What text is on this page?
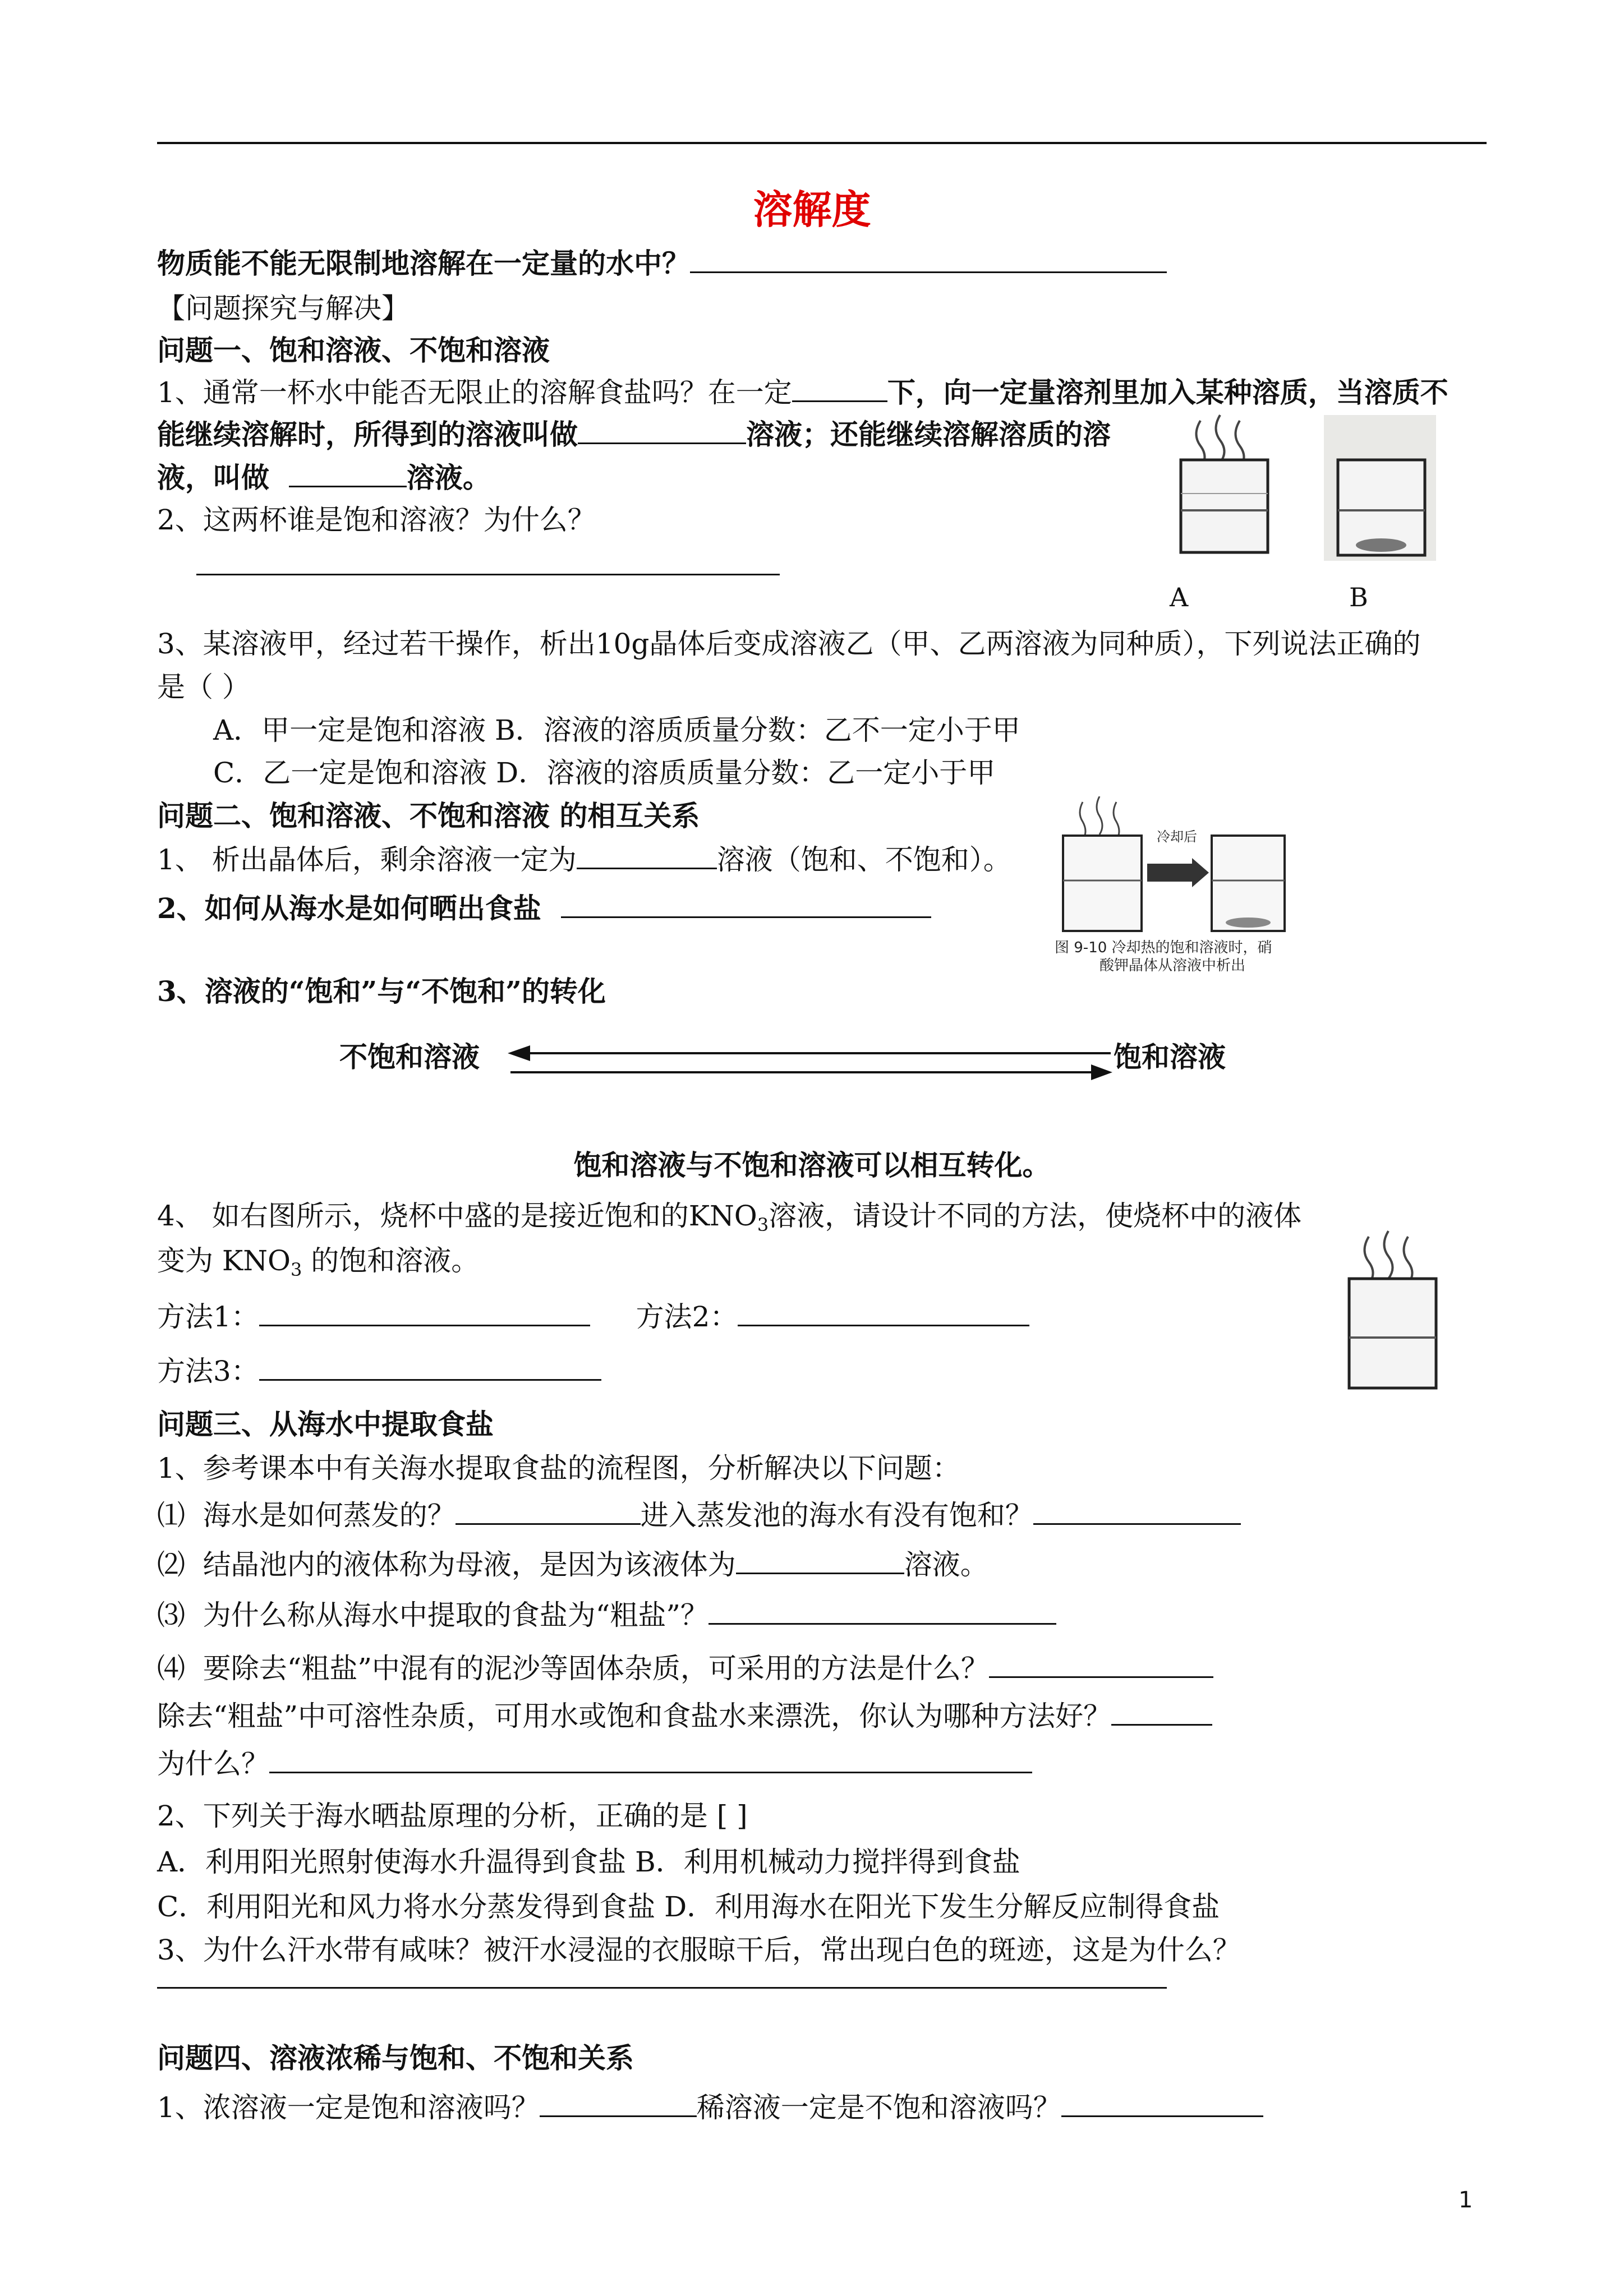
溶解度
物质能不能无限制地溶解在一定量的水中？
【问题探究与解决】
问题一、饱和溶液、不饱和溶液
1、通常一杯水中能否无限止的溶解食盐吗？在一定	下，向一定量溶剂里加入某种溶质，当溶质不
能继续溶解时，所得到的溶液叫做	溶液；还能继续溶解溶质的溶
液，叫做	溶液。
2、这两杯谁是饱和溶液？为什么？
A	B
3、某溶液甲，经过若干操作，析出10g晶体后变成溶液乙（甲、乙两溶液为同种质），下列说法正确的
是（ ）
A．甲一定是饱和溶液 B．溶液的溶质质量分数：乙不一定小于甲
C．乙一定是饱和溶液 D．溶液的溶质质量分数：乙一定小于甲
问题二、饱和溶液、不饱和溶液 的相互关系
1、 析出晶体后，剩余溶液一定为	溶液（饱和、不饱和）。
2、如何从海水是如何晒出食盐
冷却后
图 9-10 冷却热的饱和溶液时，硝
酸钾晶体从溶液中析出
3、溶液的“饱和”与“不饱和”的转化
不饱和溶液	饱和溶液
饱和溶液与不饱和溶液可以相互转化。
4、 如右图所示，烧杯中盛的是接近饱和的$KNO_3$溶液，请设计不同的方法，使烧杯中的液体
变为 $KNO_3$ 的饱和溶液。
方法1：	方法2：
方法3：
问题三、从海水中提取食盐
1、参考课本中有关海水提取食盐的流程图，分析解决以下问题：
⑴ 海水是如何蒸发的？	进入蒸发池的海水有没有饱和？
⑵ 结晶池内的液体称为母液，是因为该液体为	溶液。
⑶ 为什么称从海水中提取的食盐为“粗盐”？
⑷ 要除去“粗盐”中混有的泥沙等固体杂质，可采用的方法是什么？
除去“粗盐”中可溶性杂质，可用水或饱和食盐水来漂洗，你认为哪种方法好？
为什么？
2、下列关于海水晒盐原理的分析，正确的是 [ ]
A．利用阳光照射使海水升温得到食盐 B．利用机械动力搅拌得到食盐
C．利用阳光和风力将水分蒸发得到食盐 D．利用海水在阳光下发生分解反应制得食盐
3、为什么汗水带有咸味？被汗水浸湿的衣服晾干后，常出现白色的斑迹，这是为什么？
问题四、溶液浓稀与饱和、不饱和关系
1、浓溶液一定是饱和溶液吗？	稀溶液一定是不饱和溶液吗？
1
